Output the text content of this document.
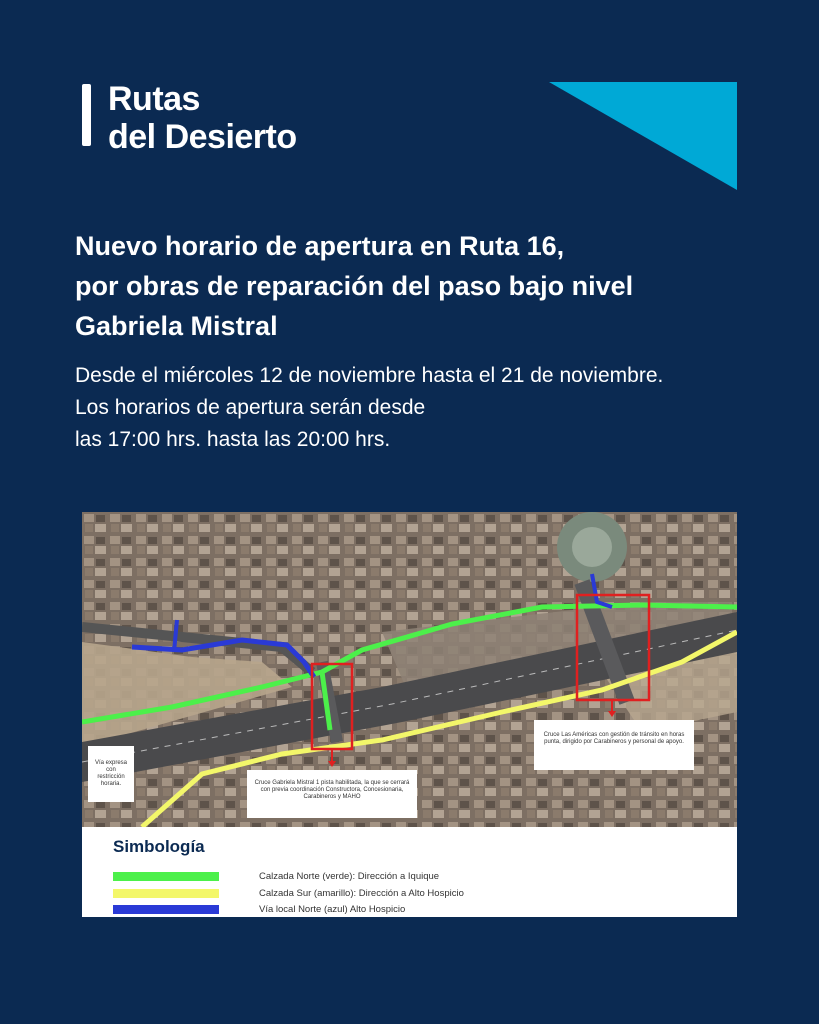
Rutas
del Desierto
Nuevo horario de apertura en Ruta 16,
por obras de reparación del paso bajo nivel
Gabriela Mistral
Desde el miércoles 12 de noviembre hasta el 21 de noviembre.
Los horarios de apertura serán desde
las 17:00 hrs. hasta las 20:00 hrs.
Vía expresa con restricción horaria.	Cruce Gabriela Mistral 1 pista habilitada, la que se cerrará con previa coordinación Constructora, Concesionaria, Carabineros y MAHO
Cruce Las Américas con gestión de tránsito en horas punta, dirigido por Carabineros y personal de apoyo.
Simbología
Calzada Norte (verde): Dirección a Iquique
Calzada Sur (amarillo): Dirección a Alto Hospicio
Vía local Norte (azul) Alto Hospicio
